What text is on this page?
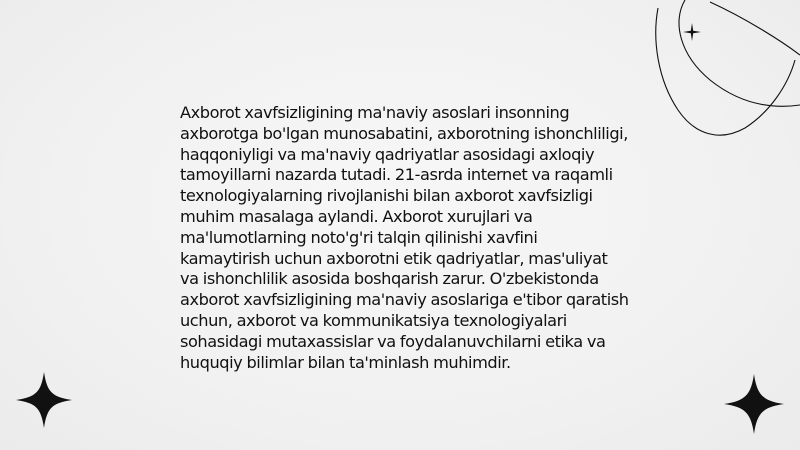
Axborot xavfsizligining ma'naviy asoslari insonning axborotga bo'lgan munosabatini, axborotning ishonchliligi, haqqoniyligi va ma'naviy qadriyatlar asosidagi axloqiy tamoyillarni nazarda tutadi. 21-asrda internet va raqamli texnologiyalarning rivojlanishi bilan axborot xavfsizligi muhim masalaga aylandi. Axborot xurujlari va ma'lumotlarning noto'g'ri talqin qilinishi xavfini kamaytirish uchun axborotni etik qadriyatlar, mas'uliyat va ishonchlilik asosida boshqarish zarur. O'zbekistonda axborot xavfsizligining ma'naviy asoslariga e'tibor qaratish uchun, axborot va kommunikatsiya texnologiyalari sohasidagi mutaxassislar va foydalanuvchilarni etika va huquqiy bilimlar bilan ta'minlash muhimdir.
